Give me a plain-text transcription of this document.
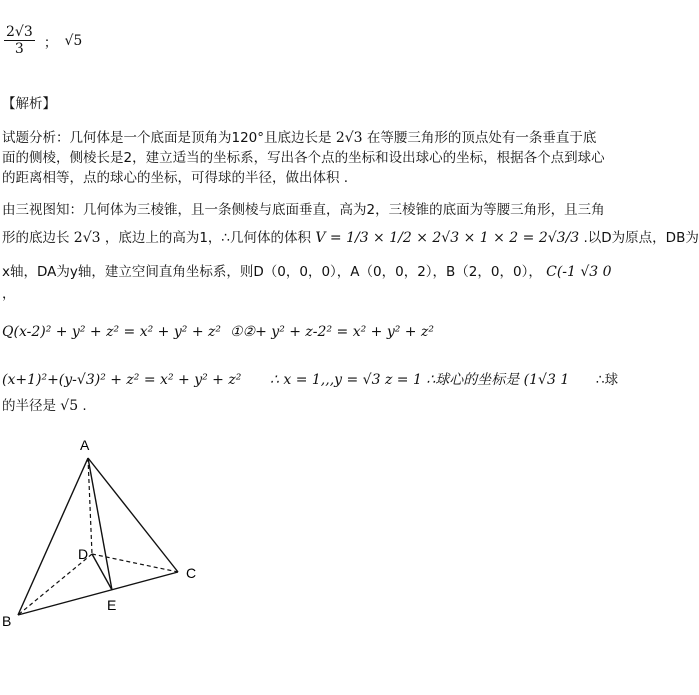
$\frac{2√3}{3}$ ； √5
【解析】
试题分析：几何体是一个底面是顶角为120°且底边长是 2√3 在等腰三角形的顶点处有一条垂直于底
面的侧棱，侧棱长是2，建立适当的坐标系，写出各个点的坐标和设出球心的坐标，根据各个点到球心
的距离相等，点的球心的坐标，可得球的半径，做出体积 .
由三视图知：几何体为三棱锥，且一条侧棱与底面垂直，高为2，三棱锥的底面为等腰三角形，且三角
形的底边长 2√3 ，底边上的高为1，∴几何体的体积 V = 1/3 × 1/2 × 2√3 × 1 × 2 = 2√3/3 .以D为原点，DB为
x轴，DA为y轴，建立空间直角坐标系，则D（0，0，0），A（0，0，2），B（2，0，0）， C(-1 √3 0
，
Q(x-2)² + y² + z² = x² + y² + z² ①②+ y² + z-2² = x² + y² + z²
(x+1)²+(y-√3)² + z² = x² + y² + z² ∴ x = 1,,,y = √3 z = 1 ∴球心的坐标是 (1√3 1 ∴球
的半径是 √5 .
A
D
C
E
B
